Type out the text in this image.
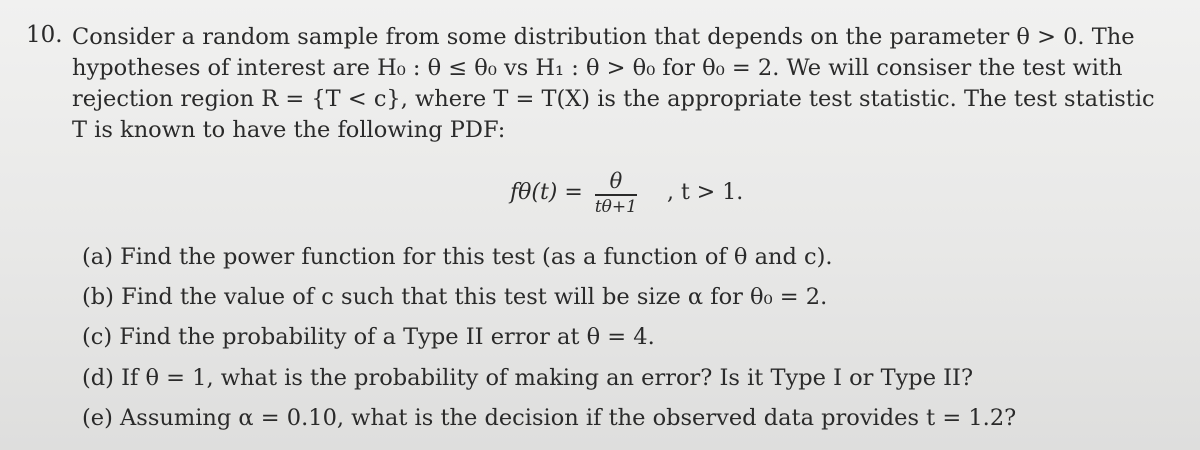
10. Consider a random sample from some distribution that depends on the parameter θ > 0. The
hypotheses of interest are H₀ : θ ≤ θ₀ vs H₁ : θ > θ₀ for θ₀ = 2. We will consiser the test with
rejection region R = {T < c}, where T = T(X) is the appropriate test statistic. The test statistic
T is known to have the following PDF:
$f\theta(t) = \frac{\theta}{t\theta+1}$ , t > 1.
(a) Find the power function for this test (as a function of θ and c).
(b) Find the value of c such that this test will be size α for θ₀ = 2.
(c) Find the probability of a Type II error at θ = 4.
(d) If θ = 1, what is the probability of making an error? Is it Type I or Type II?
(e) Assuming α = 0.10, what is the decision if the observed data provides t = 1.2?
